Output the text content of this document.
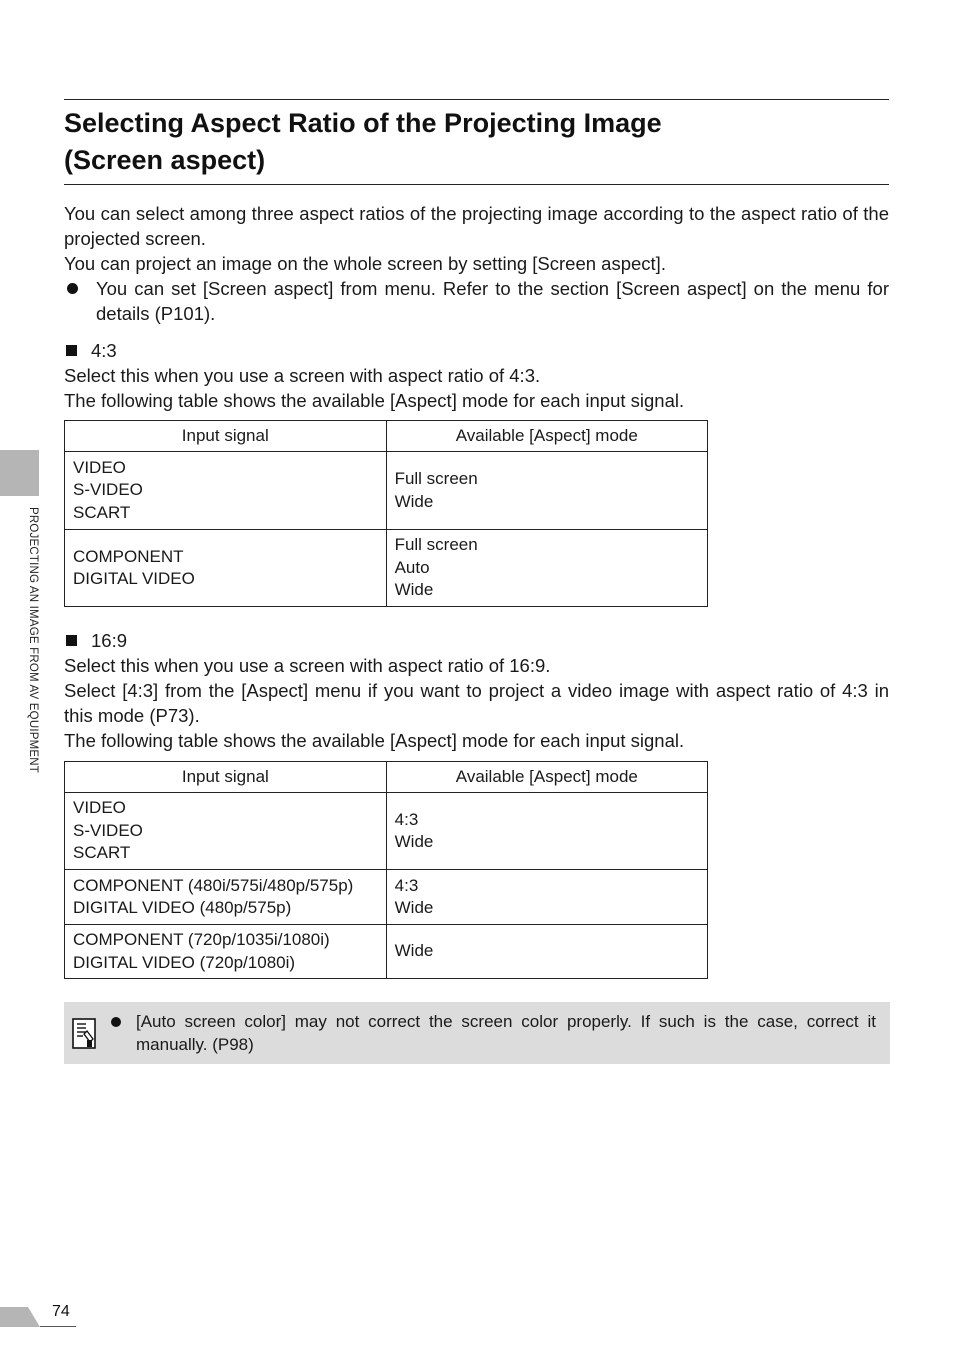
Selecting Aspect Ratio of the Projecting Image
(Screen aspect)

You can select among three aspect ratios of the projecting image according to the aspect ratio of the projected screen.

You can project an image on the whole screen by setting [Screen aspect].

You can set [Screen aspect] from menu. Refer to the section [Screen aspect] on the menu for details (P101).

4:3

Select this when you use a screen with aspect ratio of 4:3.

The following table shows the available [Aspect] mode for each input signal.

Input signal	Available [Aspect] mode

VIDEO
S-VIDEO
SCART	Full screen
Wide

COMPONENT
DIGITAL VIDEO	Full screen
Auto
Wide
16:9

Select this when you use a screen with aspect ratio of 16:9.

Select [4:3] from the [Aspect] menu if you want to project a video image with aspect ratio of 4:3 in this mode (P73).

The following table shows the available [Aspect] mode for each input signal.

Input signal	Available [Aspect] mode

VIDEO
S-VIDEO
SCART	4:3
Wide

COMPONENT (480i/575i/480p/575p)
DIGITAL VIDEO (480p/575p)	4:3
Wide

COMPONENT (720p/1035i/1080i)
DIGITAL VIDEO (720p/1080i)	Wide
[Auto screen color] may not correct the screen color properly. If such is the case, correct it manually. (P98)
PROJECTING AN IMAGE FROM AV EQUIPMENT
74
